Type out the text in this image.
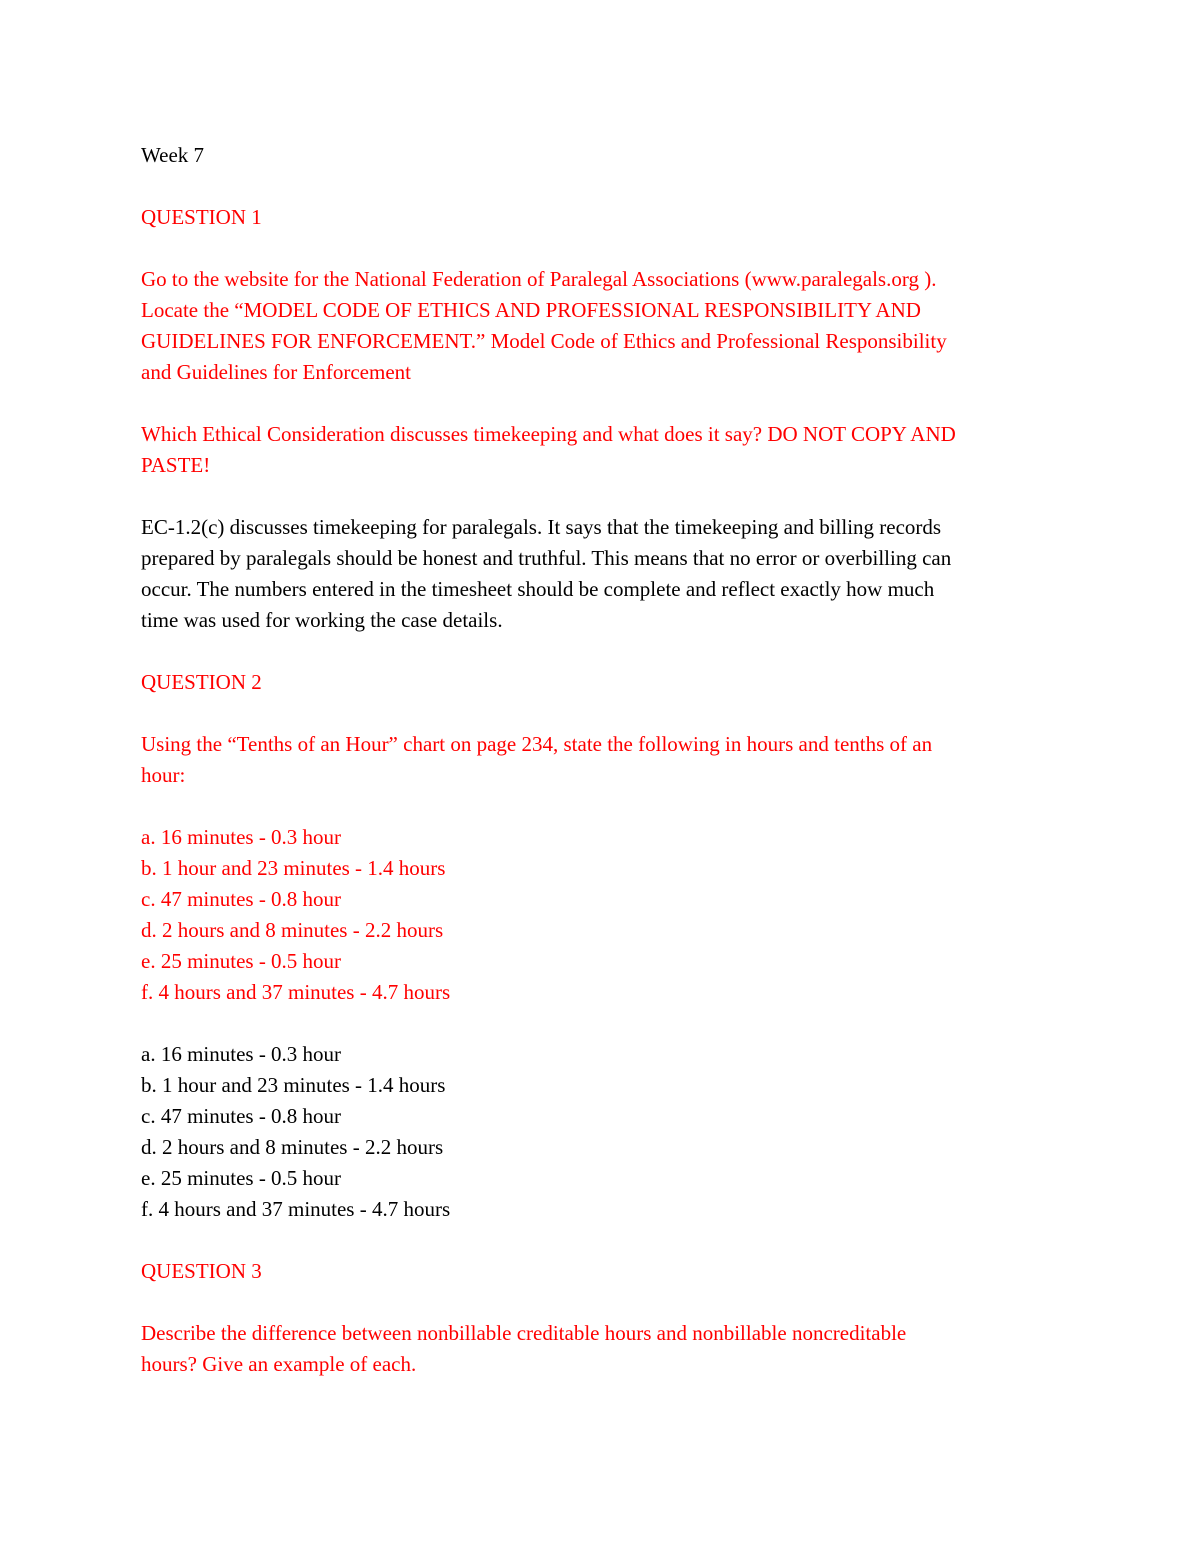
Week 7

QUESTION 1

Go to the website for the National Federation of Paralegal Associations (www.paralegals.org ).
Locate the “MODEL CODE OF ETHICS AND PROFESSIONAL RESPONSIBILITY AND
GUIDELINES FOR ENFORCEMENT.” Model Code of Ethics and Professional Responsibility
and Guidelines for Enforcement

Which Ethical Consideration discusses timekeeping and what does it say? DO NOT COPY AND
PASTE!

EC-1.2(c) discusses timekeeping for paralegals. It says that the timekeeping and billing records
prepared by paralegals should be honest and truthful. This means that no error or overbilling can
occur. The numbers entered in the timesheet should be complete and reflect exactly how much
time was used for working the case details.

QUESTION 2

Using the “Tenths of an Hour” chart on page 234, state the following in hours and tenths of an
hour:

a. 16 minutes - 0.3 hour
b. 1 hour and 23 minutes - 1.4 hours
c. 47 minutes - 0.8 hour
d. 2 hours and 8 minutes - 2.2 hours
e. 25 minutes - 0.5 hour
f. 4 hours and 37 minutes - 4.7 hours
a. 16 minutes - 0.3 hour
b. 1 hour and 23 minutes - 1.4 hours
c. 47 minutes - 0.8 hour
d. 2 hours and 8 minutes - 2.2 hours
e. 25 minutes - 0.5 hour
f. 4 hours and 37 minutes - 4.7 hours

QUESTION 3

Describe the difference between nonbillable creditable hours and nonbillable noncreditable
hours? Give an example of each.
